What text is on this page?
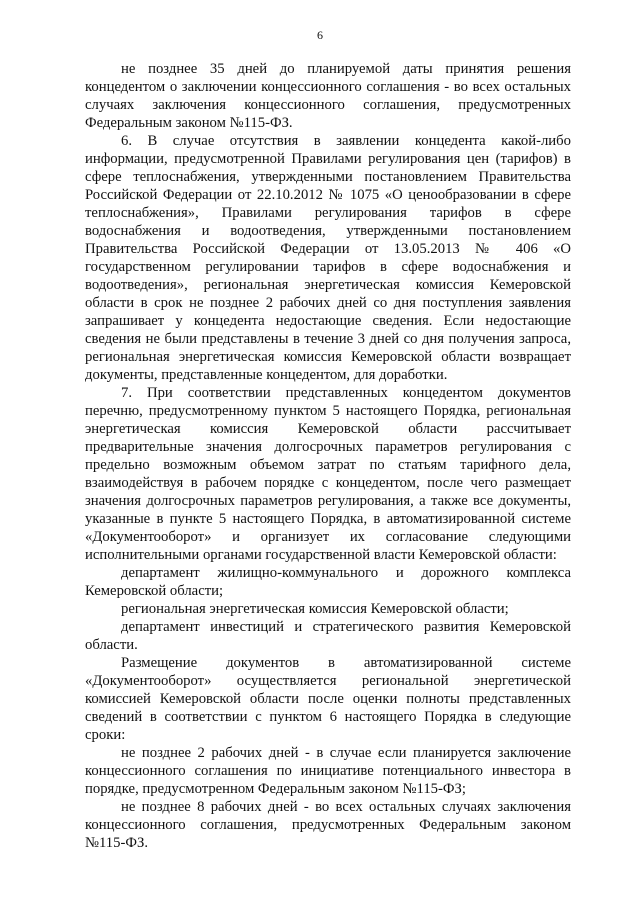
6

не позднее 35 дней до планируемой даты принятия решения концедентом о заключении концессионного соглашения - во всех остальных случаях заключения концессионного соглашения, предусмотренных Федеральным законом №115-ФЗ.

6. В случае отсутствия в заявлении концедента какой-либо информации, предусмотренной Правилами регулирования цен (тарифов) в сфере теплоснабжения, утвержденными постановлением Правительства Российской Федерации от 22.10.2012 № 1075 «О ценообразовании в сфере теплоснабжения», Правилами регулирования тарифов в сфере водоснабжения и водоотведения, утвержденными постановлением Правительства Российской Федерации от 13.05.2013 № 406 «О государственном регулировании тарифов в сфере водоснабжения и водоотведения», региональная энергетическая комиссия Кемеровской области в срок не позднее 2 рабочих дней со дня поступления заявления запрашивает у концедента недостающие сведения. Если недостающие сведения не были представлены в течение 3 дней со дня получения запроса, региональная энергетическая комиссия Кемеровской области возвращает документы, представленные концедентом, для доработки.

7. При соответствии представленных концедентом документов перечню, предусмотренному пунктом 5 настоящего Порядка, региональная энергетическая комиссия Кемеровской области рассчитывает предварительные значения долгосрочных параметров регулирования с предельно возможным объемом затрат по статьям тарифного дела, взаимодействуя в рабочем порядке с концедентом, после чего размещает значения долгосрочных параметров регулирования, а также все документы, указанные в пункте 5 настоящего Порядка, в автоматизированной системе «Документооборот» и организует их согласование следующими исполнительными органами государственной власти Кемеровской области:

департамент жилищно-коммунального и дорожного комплекса Кемеровской области;

региональная энергетическая комиссия Кемеровской области;

департамент инвестиций и стратегического развития Кемеровской области.

Размещение документов в автоматизированной системе «Документооборот» осуществляется региональной энергетической комиссией Кемеровской области после оценки полноты представленных сведений в соответствии с пунктом 6 настоящего Порядка в следующие сроки:

не позднее 2 рабочих дней - в случае если планируется заключение концессионного соглашения по инициативе потенциального инвестора в порядке, предусмотренном Федеральным законом №115-ФЗ;

не позднее 8 рабочих дней - во всех остальных случаях заключения концессионного соглашения, предусмотренных Федеральным законом №115-ФЗ.
